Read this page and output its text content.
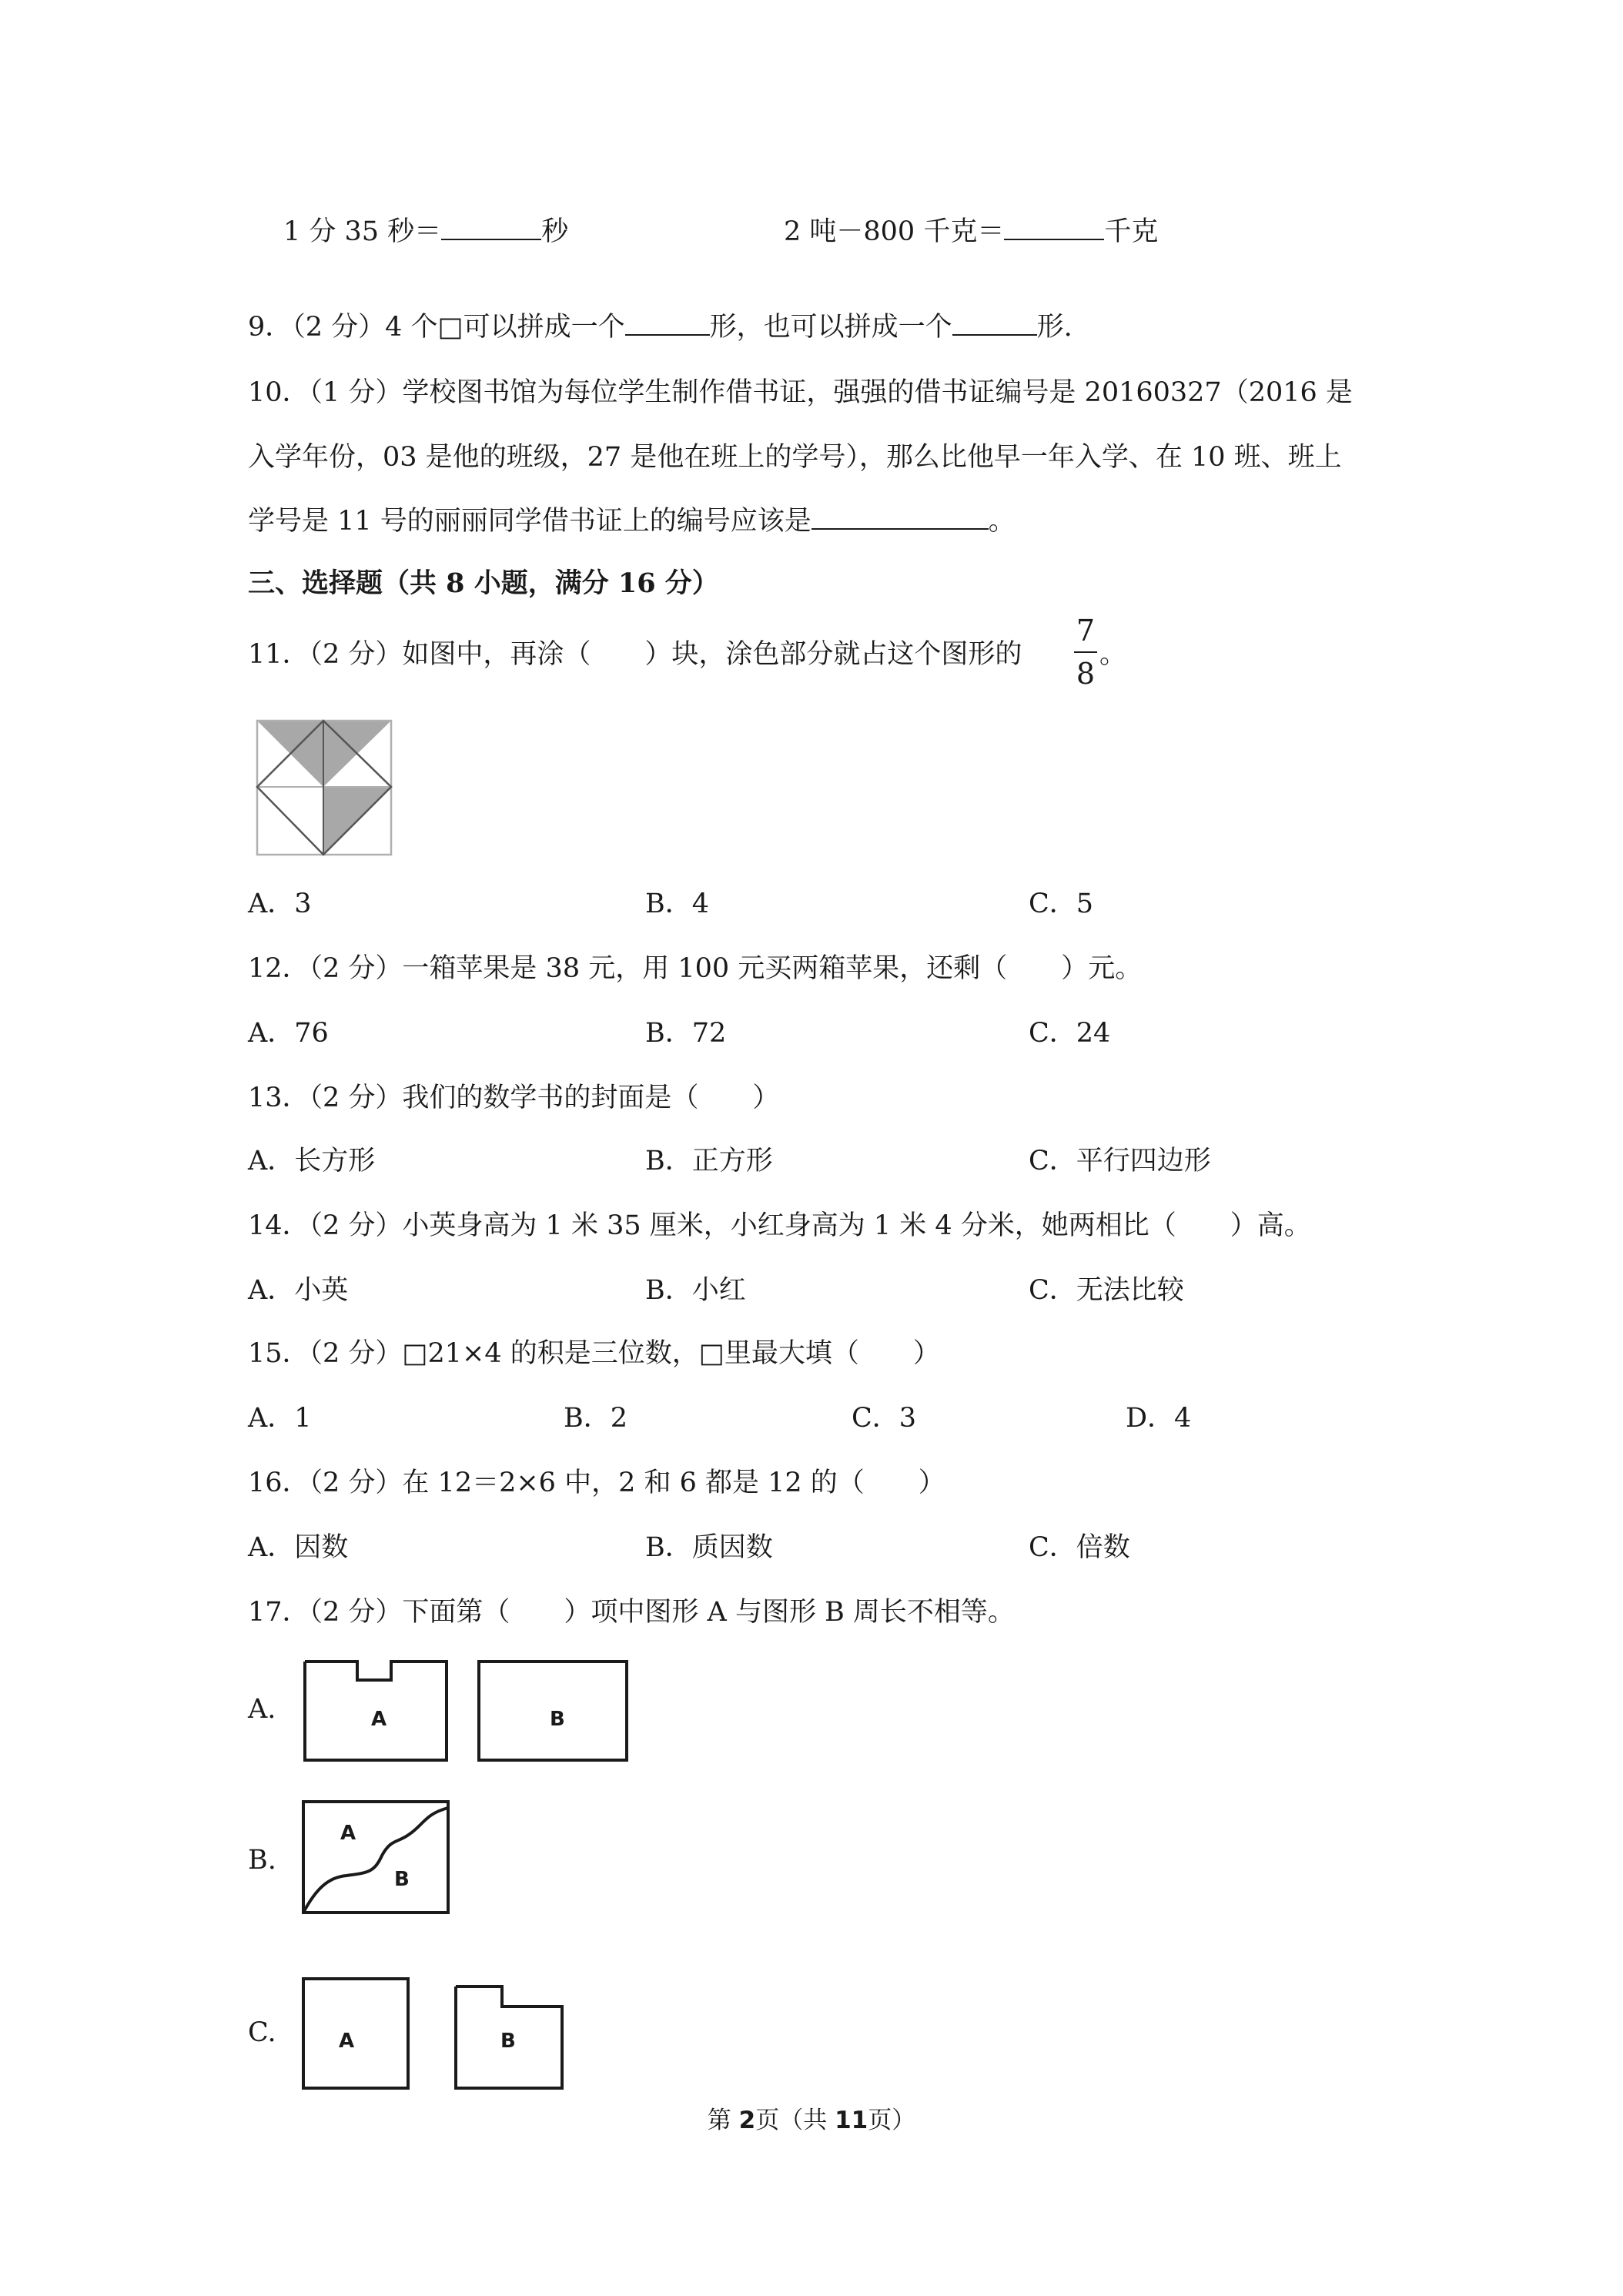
1 分 35 秒＝	秒	2 吨－800 千克＝	千克
9．（2 分）4 个□可以拼成一个	形，也可以拼成一个	形.
10．（1 分）学校图书馆为每位学生制作借书证，强强的借书证编号是 20160327（2016 是
入学年份，03 是他的班级，27 是他在班上的学号），那么比他早一年入学、在 10 班、班上
学号是 11 号的丽丽同学借书证上的编号应该是	。
三、选择题（共 8 小题，满分 16 分）
11．（2 分）如图中，再涂（　　）块，涂色部分就占这个图形的
7
8
。
A．3	B．4	C．5
12．（2 分）一箱苹果是 38 元，用 100 元买两箱苹果，还剩（　　）元。
A．76	B．72	C．24
13．（2 分）我们的数学书的封面是（　　）
A．长方形	B．正方形	C．平行四边形
14．（2 分）小英身高为 1 米 35 厘米，小红身高为 1 米 4 分米，她两相比（　　）高。
A．小英	B．小红	C．无法比较
15．（2 分）□21×4 的积是三位数，□里最大填（　　）
A．1	B．2	C．3	D．4
16．（2 分）在 12＝2×6 中，2 和 6 都是 12 的（　　）
A．因数	B．质因数	C．倍数
17．（2 分）下面第（　　）项中图形 A 与图形 B 周长不相等。
A.	A	B
B.
A
B
C.	A	B
第 2页（共 11页）
